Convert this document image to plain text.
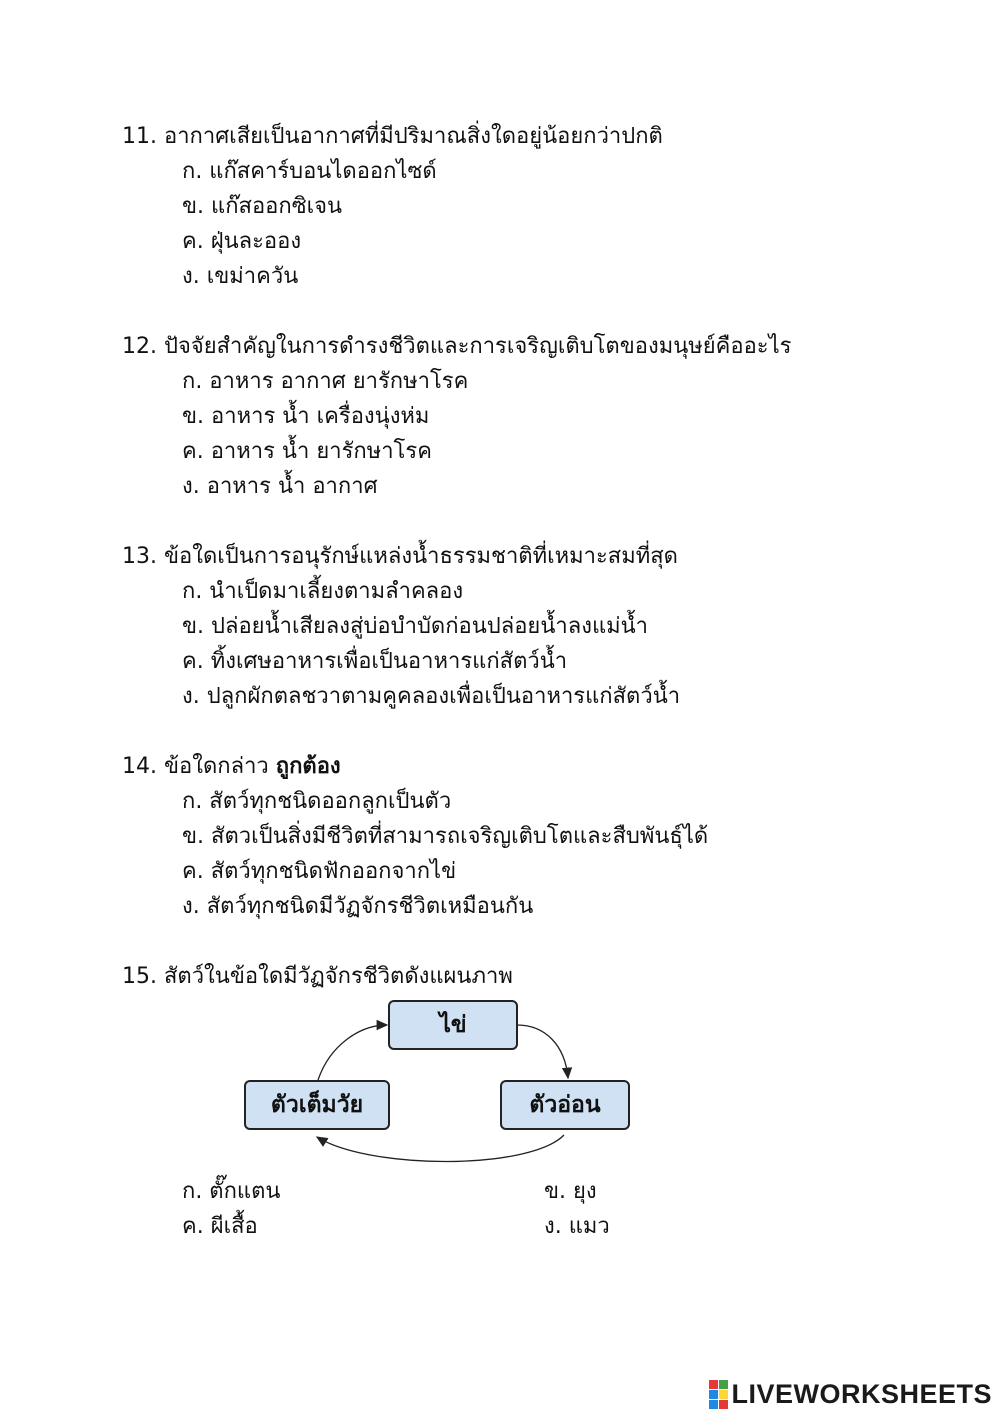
11. อากาศเสียเป็นอากาศที่มีปริมาณสิ่งใดอยู่น้อยกว่าปกติ
ก. แก๊สคาร์บอนไดออกไซด์
ข. แก๊สออกซิเจน
ค. ฝุ่นละออง
ง. เขม่าควัน
12. ปัจจัยสำคัญในการดำรงชีวิตและการเจริญเติบโตของมนุษย์คืออะไร
ก. อาหาร อากาศ ยารักษาโรค
ข. อาหาร น้ำ เครื่องนุ่งห่ม
ค. อาหาร น้ำ ยารักษาโรค
ง. อาหาร น้ำ อากาศ
13. ข้อใดเป็นการอนุรักษ์แหล่งน้ำธรรมชาติที่เหมาะสมที่สุด
ก. นำเป็ดมาเลี้ยงตามลำคลอง
ข. ปล่อยน้ำเสียลงสู่บ่อบำบัดก่อนปล่อยน้ำลงแม่น้ำ
ค. ทิ้งเศษอาหารเพื่อเป็นอาหารแก่สัตว์น้ำ
ง. ปลูกผักตลชวาตามคูคลองเพื่อเป็นอาหารแก่สัตว์น้ำ
14. ข้อใดกล่าว ถูกต้อง
ก. สัตว์ทุกชนิดออกลูกเป็นตัว
ข. สัตวเป็นสิ่งมีชีวิตที่สามารถเจริญเติบโตและสืบพันธุ์ได้
ค. สัตว์ทุกชนิดฟักออกจากไข่
ง. สัตว์ทุกชนิดมีวัฏจักรชีวิตเหมือนกัน
15. สัตว์ในข้อใดมีวัฏจักรชีวิตดังแผนภาพ
ไข่
ตัวอ่อน
ตัวเต็มวัย
ก. ตั๊กแตน	ข. ยุง
ค. ผีเสื้อ	ง. แมว
LIVEWORKSHEETS
